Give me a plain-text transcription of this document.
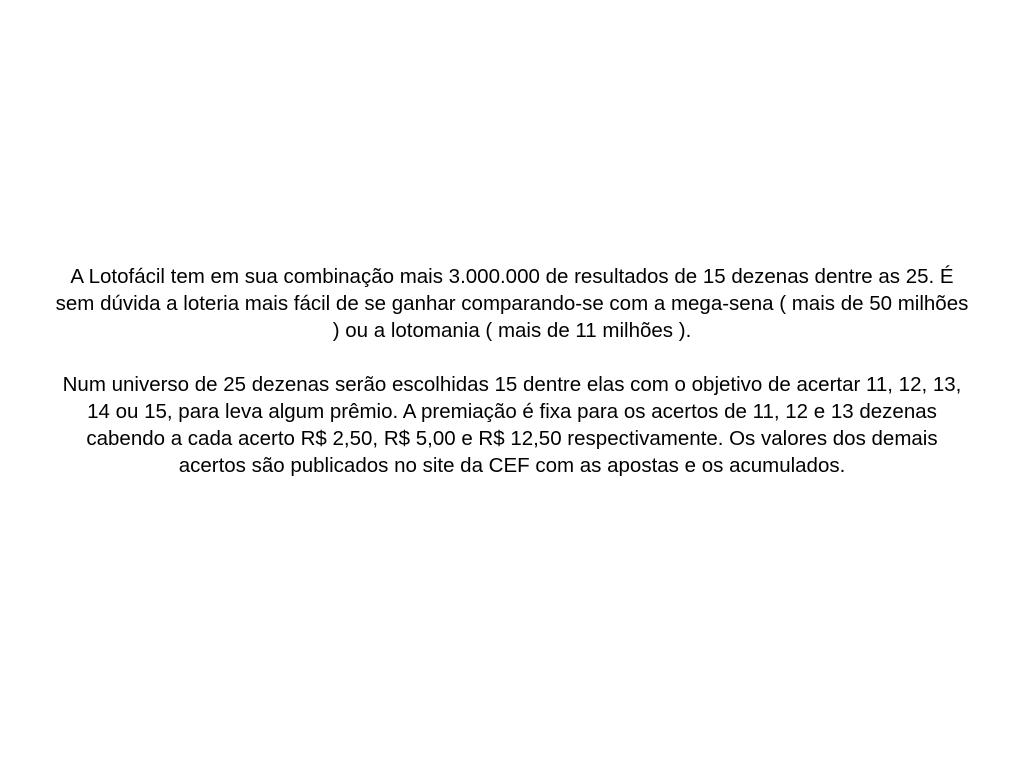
A Lotofácil tem em sua combinação mais 3.000.000 de resultados de 15 dezenas dentre as 25. É sem dúvida a loteria mais fácil de se ganhar comparando-se com a mega-sena ( mais de 50 milhões ) ou a lotomania ( mais de 11 milhões ).

Num universo de 25 dezenas serão escolhidas 15 dentre elas com o objetivo de acertar 11, 12, 13, 14 ou 15, para leva algum prêmio. A premiação é fixa para os acertos de 11, 12 e 13 dezenas cabendo a cada acerto R$ 2,50, R$ 5,00 e R$ 12,50 respectivamente. Os valores dos demais acertos são publicados no site da CEF com as apostas e os acumulados.
